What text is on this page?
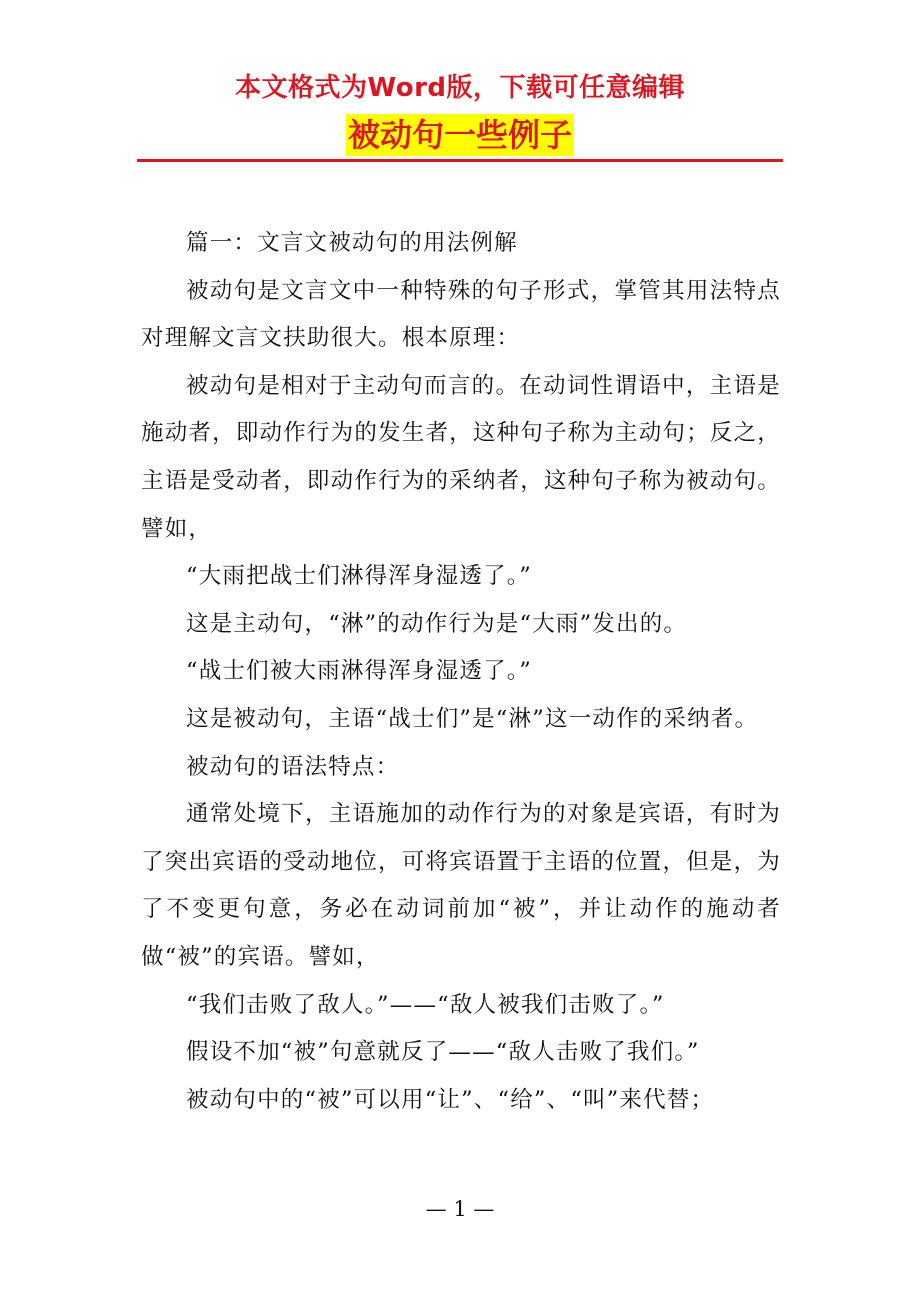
本文格式为Word版，下载可任意编辑
被动句一些例子

篇一：文言文被动句的用法例解

被动句是文言文中一种特殊的句子形式，掌管其用法特点对理解文言文扶助很大。根本原理：

被动句是相对于主动句而言的。在动词性谓语中，主语是施动者，即动作行为的发生者，这种句子称为主动句；反之，主语是受动者，即动作行为的采纳者，这种句子称为被动句。譬如，

“大雨把战士们淋得浑身湿透了。”

这是主动句，“淋”的动作行为是“大雨”发出的。

“战士们被大雨淋得浑身湿透了。”

这是被动句，主语“战士们”是“淋”这一动作的采纳者。

被动句的语法特点：

通常处境下，主语施加的动作行为的对象是宾语，有时为了突出宾语的受动地位，可将宾语置于主语的位置，但是，为了不变更句意，务必在动词前加“被”，并让动作的施动者做“被”的宾语。譬如，

“我们击败了敌人。”——“敌人被我们击败了。”

假设不加“被”句意就反了——“敌人击败了我们。”

被动句中的“被”可以用“让”、“给”、“叫”来代替；

— 1 —
